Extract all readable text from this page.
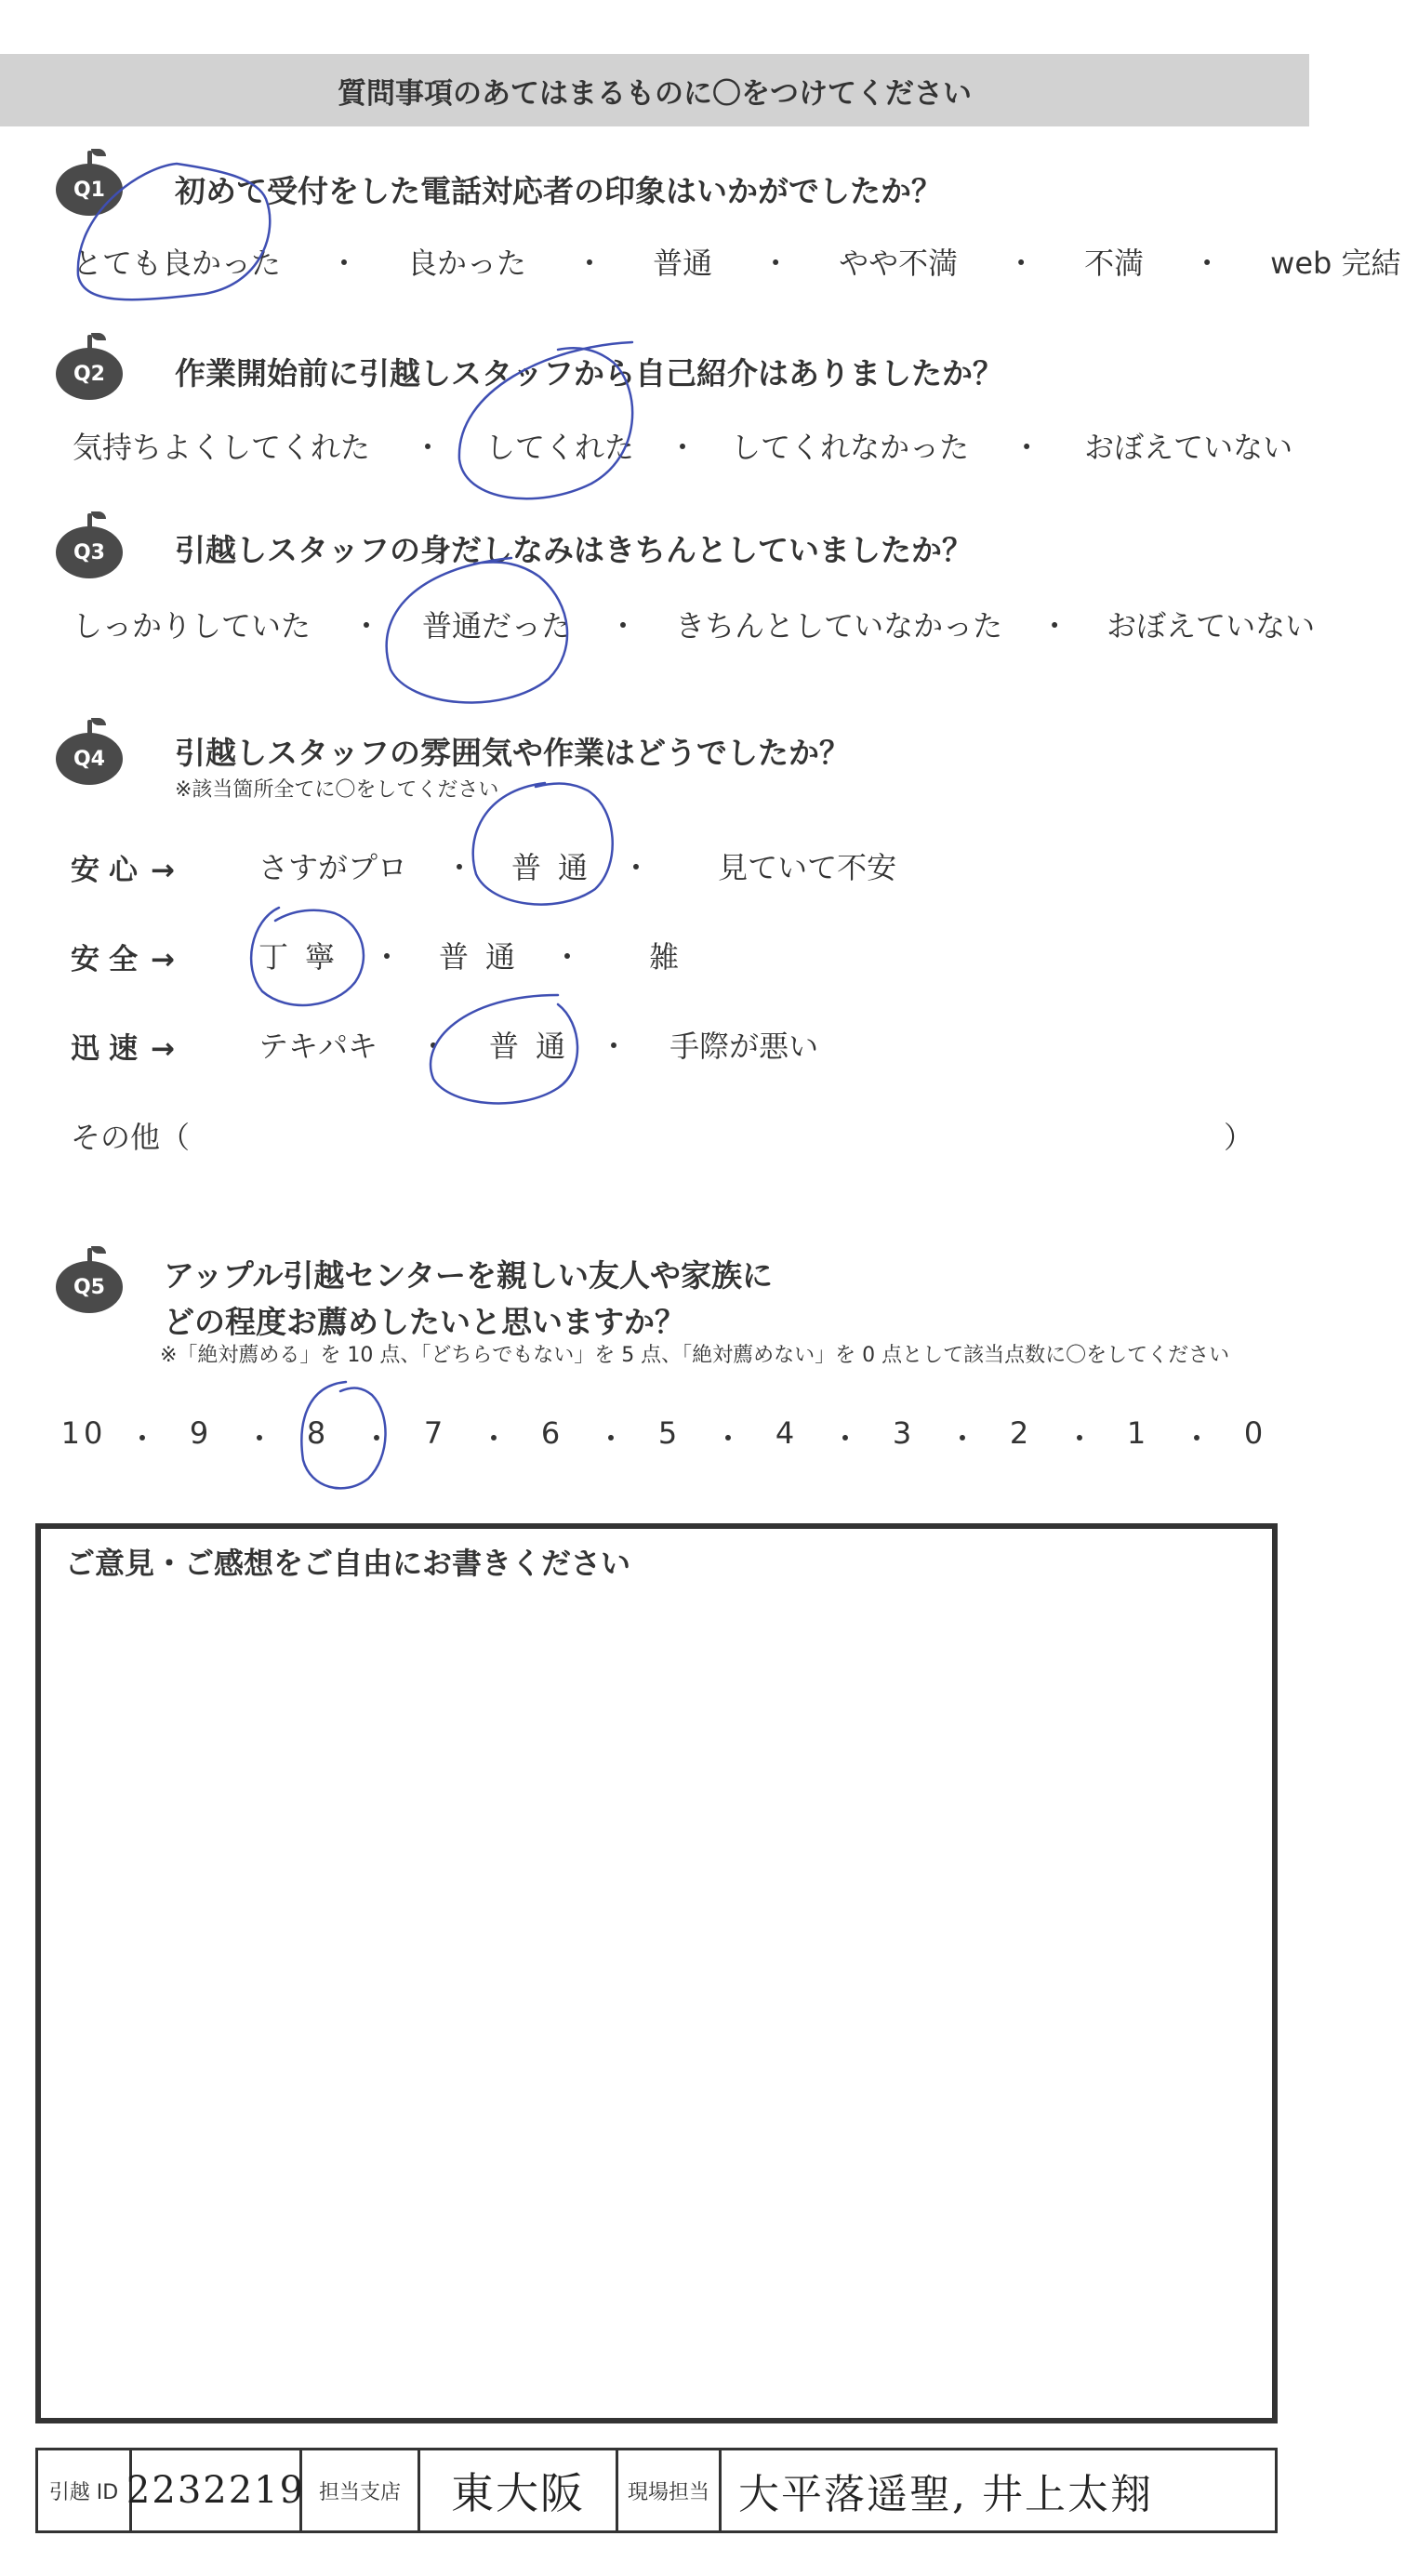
質問事項のあてはまるものに〇をつけてください
Q1 初めて受付をした電話対応者の印象はいかがでしたか？
とても良かった ・ 良かった ・ 普通 ・ やや不満 ・ 不満 ・ web 完結
Q2 作業開始前に引越しスタッフから自己紹介はありましたか？
気持ちよくしてくれた ・ してくれた ・ してくれなかった ・ おぼえていない
Q3 引越しスタッフの身だしなみはきちんとしていましたか？
しっかりしていた ・ 普通だった ・ きちんとしていなかった ・ おぼえていない
Q4 引越しスタッフの雰囲気や作業はどうでしたか？
※該当箇所全てに〇をしてください
安心 →	さすがプロ ・ 普通 ・ 見ていて不安
安全 →	丁寧 ・ 普通 ・ 雑
迅速 →	テキパキ ・ 普通 ・ 手際が悪い
その他（	）
Q5 アップル引越センターを親しい友人や家族に
どの程度お薦めしたいと思いますか？
※「絶対薦める」を 10 点、「どちらでもない」を 5 点、「絶対薦めない」を 0 点として該当点数に〇をしてください
10 ・ 9 ・ 8 ・ 7 ・ 6 ・ 5 ・ 4 ・ 3 ・ 2 ・ 1 ・ 0
ご意見・ご感想をご自由にお書きください
引越 ID 2232219 担当支店	東大阪	現場担当 大平落遥聖, 井上太翔
